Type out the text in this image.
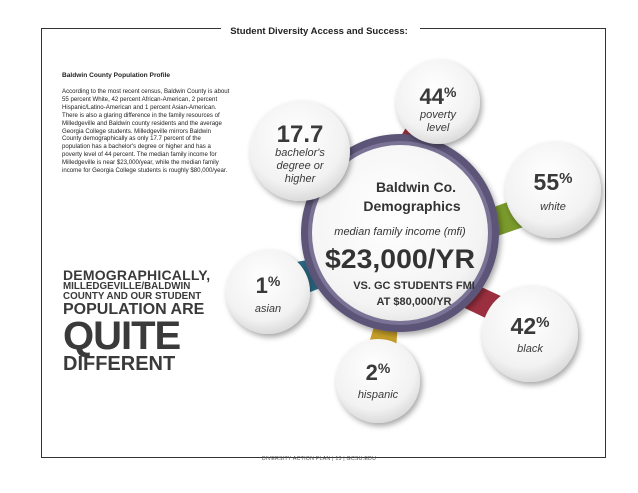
Student Diversity Access and Success:
Baldwin County Population Profile

According to the most recent census, Baldwin County is about 55 percent White, 42 percent African-American, 2 percent Hispanic/Latino-American and 1 percent Asian-American. There is also a glaring difference in the family resources of Milledgeville and Baldwin county residents and the average Georgia College students. Milledgeville mirrors Baldwin County demographically as only 17.7 percent of the population has a bachelor's degree or higher and has a poverty level of 44 percent. The median family income for Milledgeville is near $23,000/year, while the median family income for Georgia College students is roughly $80,000/year.

DEMOGRAPHICALLY,
MILLEDGEVILLE/BALDWIN
COUNTY AND OUR STUDENT
POPULATION ARE
QUITE
DIFFERENT
Baldwin Co.
Demographics
median family income (mfi)
$23,000/YR
VS. GC STUDENTS FMI
AT $80,000/YR
44%
poverty
level
17.7
bachelor's
degree or
higher	55%
white
1%
asian
42%
black
2%
hispanic
DIVERSITY ACTION PLAN | 13 | GCSU.EDU
